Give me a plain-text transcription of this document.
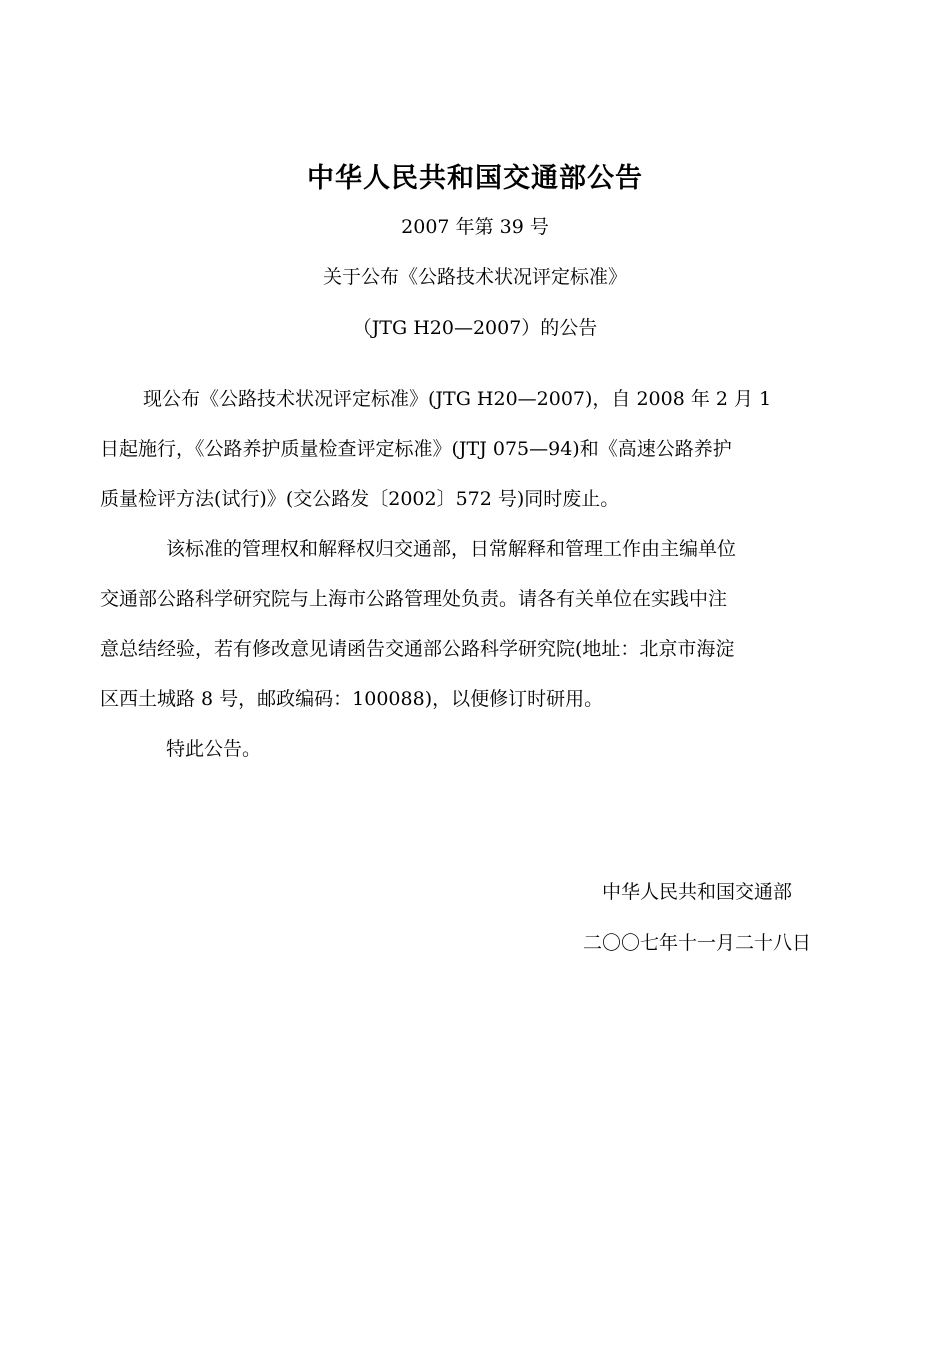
中华人民共和国交通部公告
2007 年第 39 号
关于公布《公路技术状况评定标准》
（JTG H20—2007）的公告
现公布《公路技术状况评定标准》(JTG H20—2007)，自 2008 年 2 月 1
日起施行，《公路养护质量检查评定标准》(JTJ 075—94)和《高速公路养护
质量检评方法(试行)》(交公路发〔2002〕572 号)同时废止。
该标准的管理权和解释权归交通部，日常解释和管理工作由主编单位
交通部公路科学研究院与上海市公路管理处负责。请各有关单位在实践中注
意总结经验，若有修改意见请函告交通部公路科学研究院(地址：北京市海淀
区西土城路 8 号，邮政编码：100088)，以便修订时研用。
特此公告。
中华人民共和国交通部
二〇〇七年十一月二十八日
